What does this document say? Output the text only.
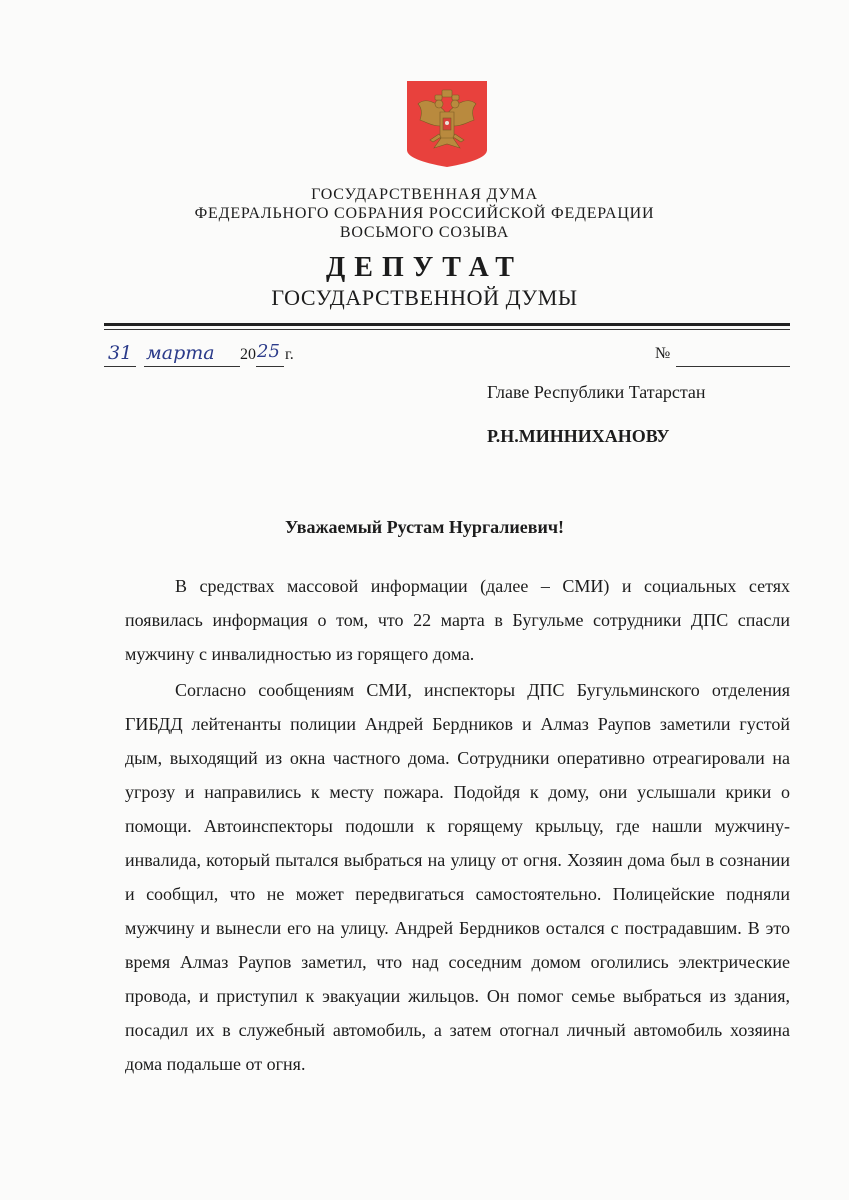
ГОСУДАРСТВЕННАЯ ДУМА
ФЕДЕРАЛЬНОГО СОБРАНИЯ РОССИЙСКОЙ ФЕДЕРАЦИИ
ВОСЬМОГО СОЗЫВА
ДЕПУТАТ
ГОСУДАРСТВЕННОЙ ДУМЫ
31 марта 20 25 г.	№
Главе Республики Татарстан
Р.Н.МИННИХАНОВУ
Уважаемый Рустам Нургалиевич!

В средствах массовой информации (далее – СМИ) и социальных сетях появилась информация о том, что 22 марта в Бугульме сотрудники ДПС спасли мужчину с инвалидностью из горящего дома.

Согласно сообщениям СМИ, инспекторы ДПС Бугульминского отделения ГИБДД лейтенанты полиции Андрей Бердников и Алмаз Раупов заметили густой дым, выходящий из окна частного дома. Сотрудники оперативно отреагировали на угрозу и направились к месту пожара. Подойдя к дому, они услышали крики о помощи. Автоинспекторы подошли к горящему крыльцу, где нашли мужчину-инвалида, который пытался выбраться на улицу от огня. Хозяин дома был в сознании и сообщил, что не может передвигаться самостоятельно. Полицейские подняли мужчину и вынесли его на улицу. Андрей Бердников остался с пострадавшим. В это время Алмаз Раупов заметил, что над соседним домом оголились электрические провода, и приступил к эвакуации жильцов. Он помог семье выбраться из здания, посадил их в служебный автомобиль, а затем отогнал личный автомобиль хозяина дома подальше от огня.
